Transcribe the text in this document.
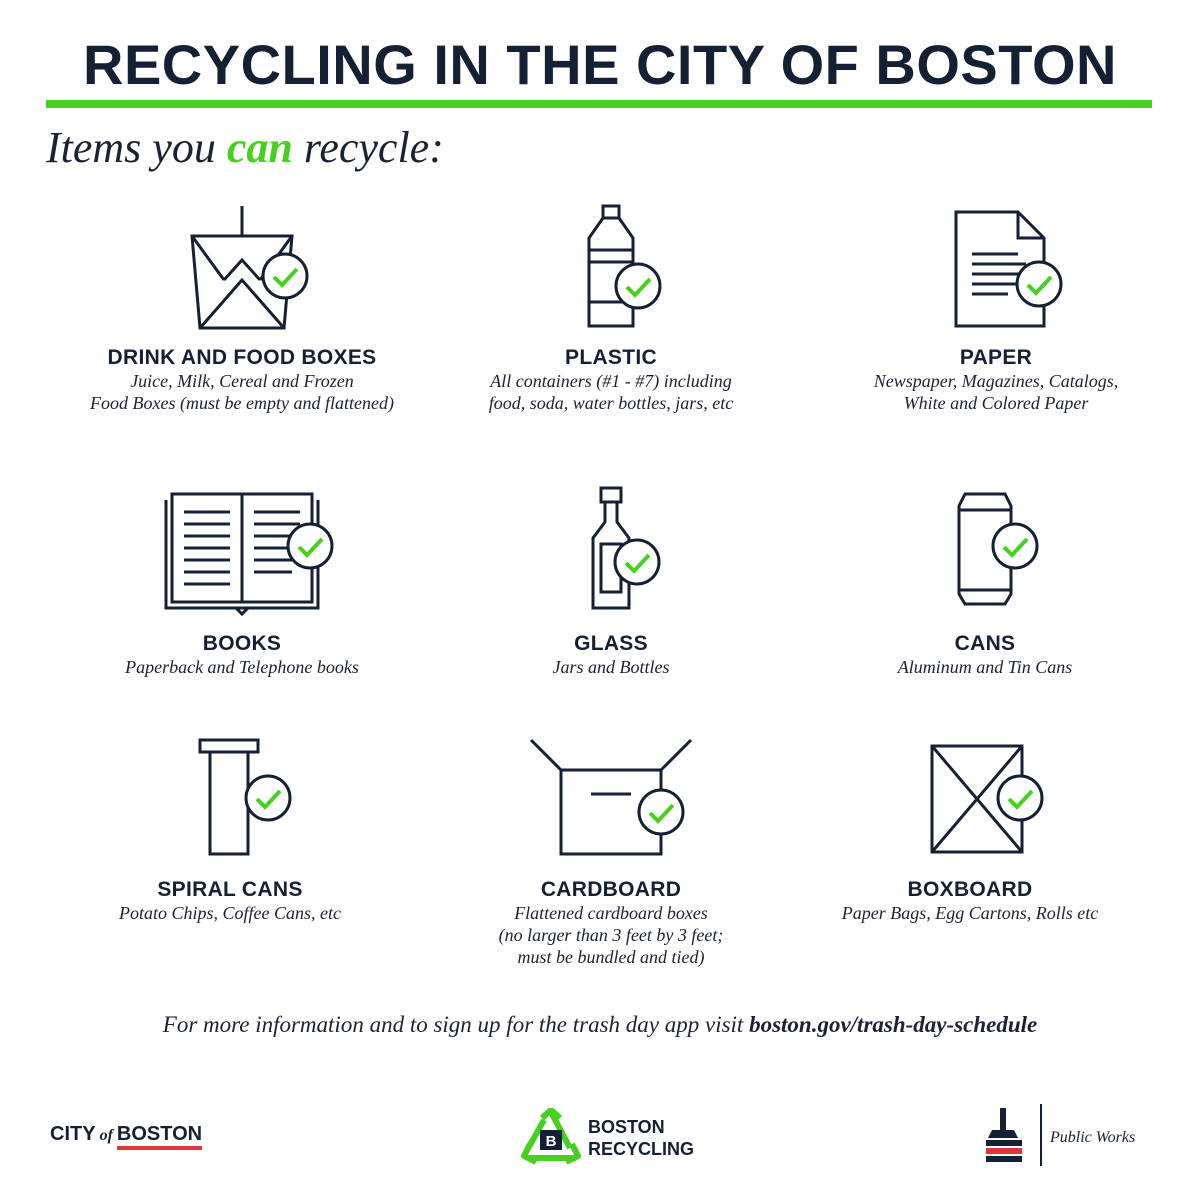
RECYCLING IN THE CITY OF BOSTON
Items you can recycle:
DRINK AND FOOD BOXES
Juice, Milk, Cereal and Frozen
Food Boxes (must be empty and flattened)
PLASTIC
All containers (#1 - #7) including
food, soda, water bottles, jars, etc
PAPER
Newspaper, Magazines, Catalogs,
White and Colored Paper
BOOKS
Paperback and Telephone books
GLASS
Jars and Bottles
CANS
Aluminum and Tin Cans
SPIRAL CANS
Potato Chips, Coffee Cans, etc
CARDBOARD
Flattened cardboard boxes
(no larger than 3 feet by 3 feet;
must be bundled and tied)
BOXBOARD
Paper Bags, Egg Cartons, Rolls etc
For more information and to sign up for the trash day app visit boston.gov/trash-day-schedule
CITY of BOSTON	B
BOSTON
RECYCLING
Public Works
